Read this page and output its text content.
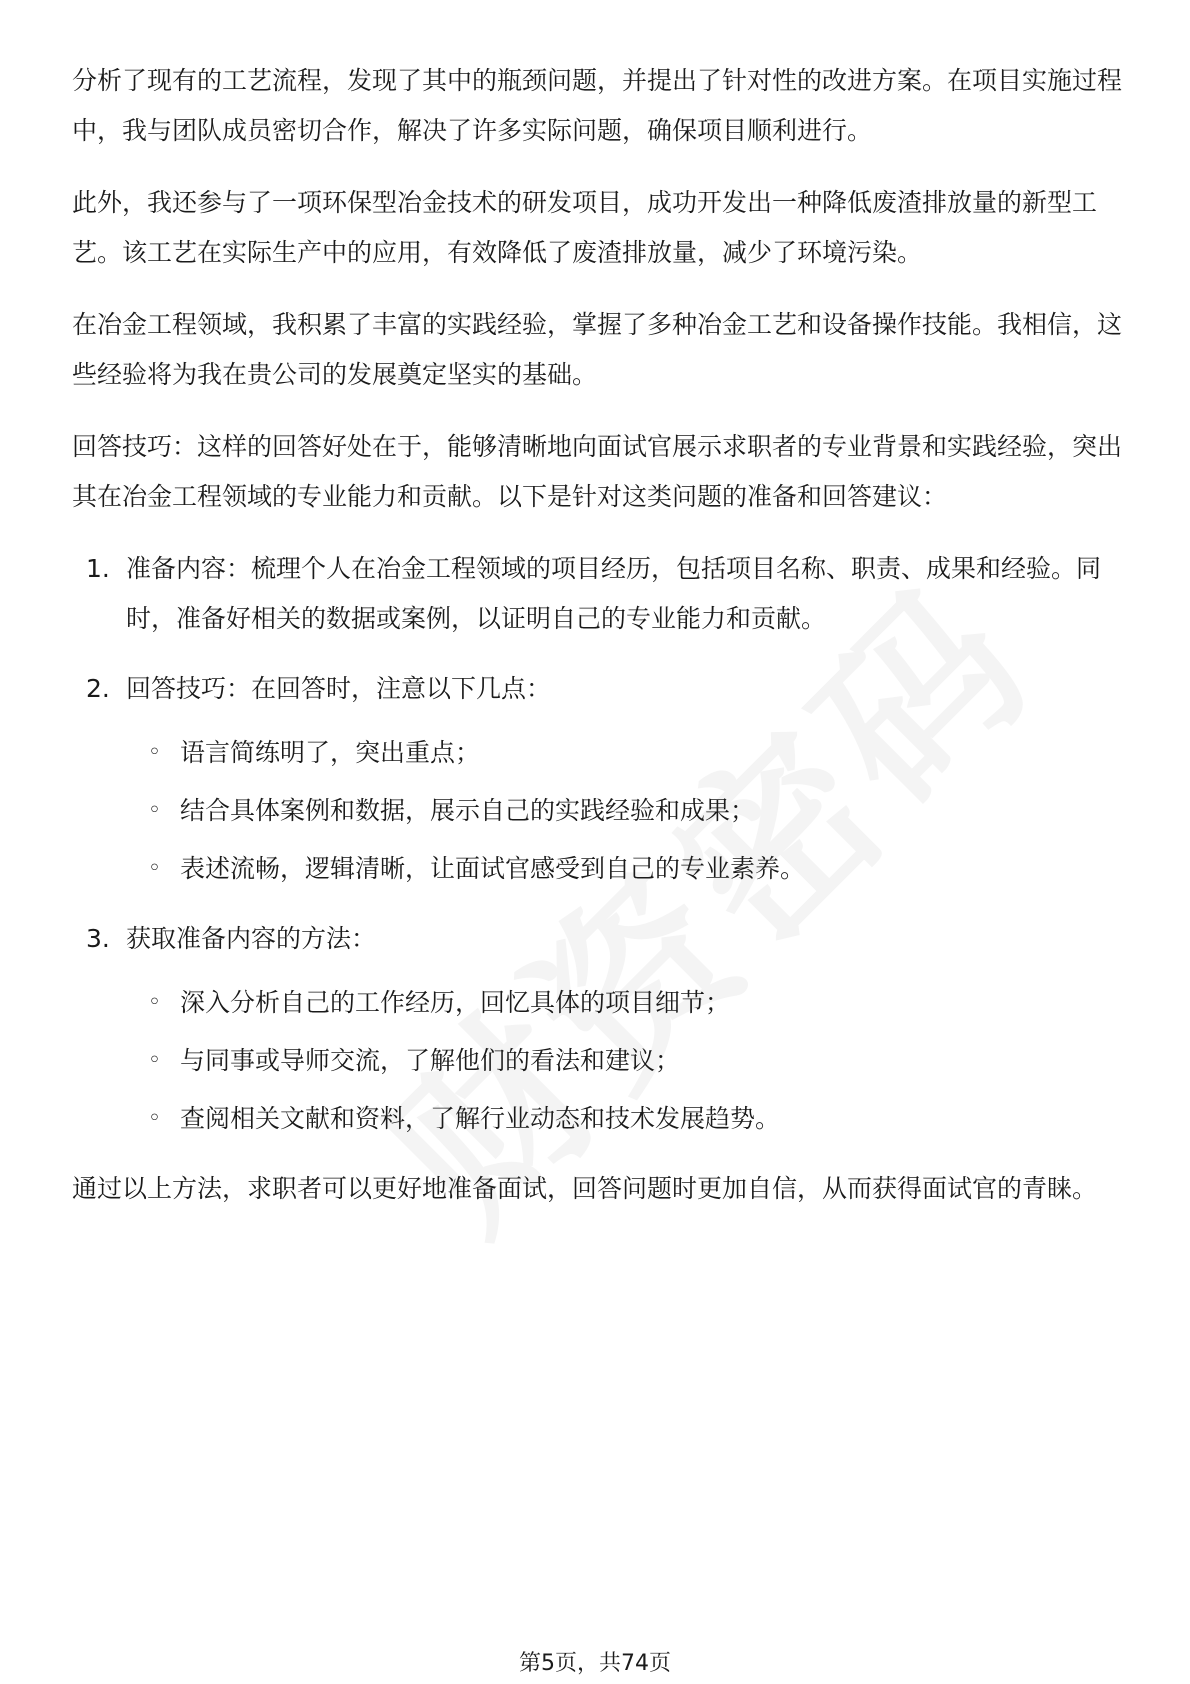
分析了现有的工艺流程，发现了其中的瓶颈问题，并提出了针对性的改进方案。在项目实施过程中，我与团队成员密切合作，解决了许多实际问题，确保项目顺利进行。

此外，我还参与了一项环保型冶金技术的研发项目，成功开发出一种降低废渣排放量的新型工艺。该工艺在实际生产中的应用，有效降低了废渣排放量，减少了环境污染。

在冶金工程领域，我积累了丰富的实践经验，掌握了多种冶金工艺和设备操作技能。我相信，这些经验将为我在贵公司的发展奠定坚实的基础。

回答技巧：这样的回答好处在于，能够清晰地向面试官展示求职者的专业背景和实践经验，突出其在冶金工程领域的专业能力和贡献。以下是针对这类问题的准备和回答建议：

1. 准备内容：梳理个人在冶金工程领域的项目经历，包括项目名称、职责、成果和经验。同时，准备好相关的数据或案例，以证明自己的专业能力和贡献。
2. 回答技巧：在回答时，注意以下几点：
◦ 语言简练明了，突出重点；
◦ 结合具体案例和数据，展示自己的实践经验和成果；
◦ 表述流畅，逻辑清晰，让面试官感受到自己的专业素养。
3. 获取准备内容的方法：
◦ 深入分析自己的工作经历，回忆具体的项目细节；
◦ 与同事或导师交流，了解他们的看法和建议；
◦ 查阅相关文献和资料，了解行业动态和技术发展趋势。

通过以上方法，求职者可以更好地准备面试，回答问题时更加自信，从而获得面试官的青睐。

第5页，共74页
